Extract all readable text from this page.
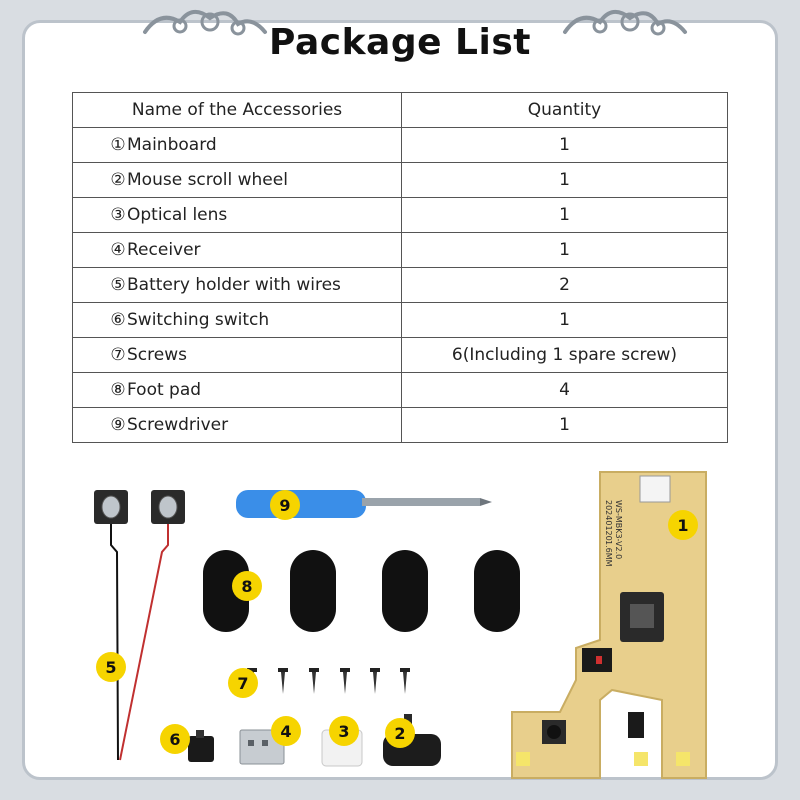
Package List
Name of the Accessories	Quantity
①Mainboard	1
②Mouse scroll wheel	1
③Optical lens	1
④Receiver	1
⑤Battery holder with wires	2
⑥Switching switch	1
⑦Screws	6(Including 1 spare screw)
⑧Foot pad	4
⑨Screwdriver	1
WS-MBK3-V2.0
20240120
1.6MM
1
2
3
4
5
6
7
8
9
